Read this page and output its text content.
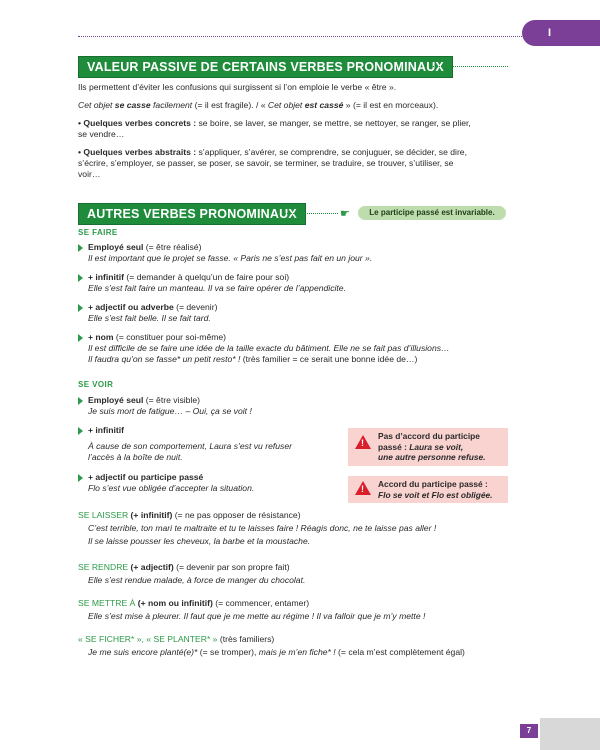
I
VALEUR PASSIVE DE CERTAINS VERBES PRONOMINAUX

Ils permettent d’éviter les confusions qui surgissent si l’on emploie le verbe « être ».

Cet objet se casse facilement (= il est fragile). / « Cet objet est cassé » (= il est en morceaux).

• Quelques verbes concrets : se boire, se laver, se manger, se mettre, se nettoyer, se ranger, se plier,

se vendre…

• Quelques verbes abstraits : s’appliquer, s’avérer, se comprendre, se conjuguer, se décider, se dire,

s’écrire, s’employer, se passer, se poser, se savoir, se terminer, se traduire, se trouver, s’utiliser, se

voir…

AUTRES VERBES PRONOMINAUX	☛	Le participe passé est invariable.
SE FAIRE

Employé seul (= être réalisé)

Il est important que le projet se fasse. « Paris ne s’est pas fait en un jour ».

+ infinitif (= demander à quelqu’un de faire pour soi)

Elle s’est fait faire un manteau. Il va se faire opérer de l’appendicite.

+ adjectif ou adverbe (= devenir)

Elle s’est fait belle. Il se fait tard.

+ nom (= constituer pour soi-même)

Il est difficile de se faire une idée de la taille exacte du bâtiment. Elle ne se fait pas d’illusions…

Il faudra qu’on se fasse* un petit resto* ! (très familier = ce serait une bonne idée de…)

SE VOIR

Employé seul (= être visible)

Je suis mort de fatigue… – Oui, ça se voit !

+ infinitif

À cause de son comportement, Laura s’est vu refuser

l’accès à la boîte de nuit.

+ adjectif ou participe passé

Flo s’est vue obligée d’accepter la situation.

!
Pas d’accord du participe
passé : Laura se voit,
une autre personne refuse.
! Accord du participe passé :
Flo se voit et Flo est obligée.

SE LAISSER (+ infinitif) (= ne pas opposer de résistance)

C’est terrible, ton mari te maltraite et tu te laisses faire ! Réagis donc, ne te laisse pas aller !

Il se laisse pousser les cheveux, la barbe et la moustache.

SE RENDRE (+ adjectif) (= devenir par son propre fait)

Elle s’est rendue malade, à force de manger du chocolat.

SE METTRE À (+ nom ou infinitif) (= commencer, entamer)

Elle s’est mise à pleurer. Il faut que je me mette au régime ! Il va falloir que je m’y mette !

« SE FICHER* », « SE PLANTER* » (très familiers)

Je me suis encore planté(e)* (= se tromper), mais je m’en fiche* ! (= cela m’est complètement égal)

7
